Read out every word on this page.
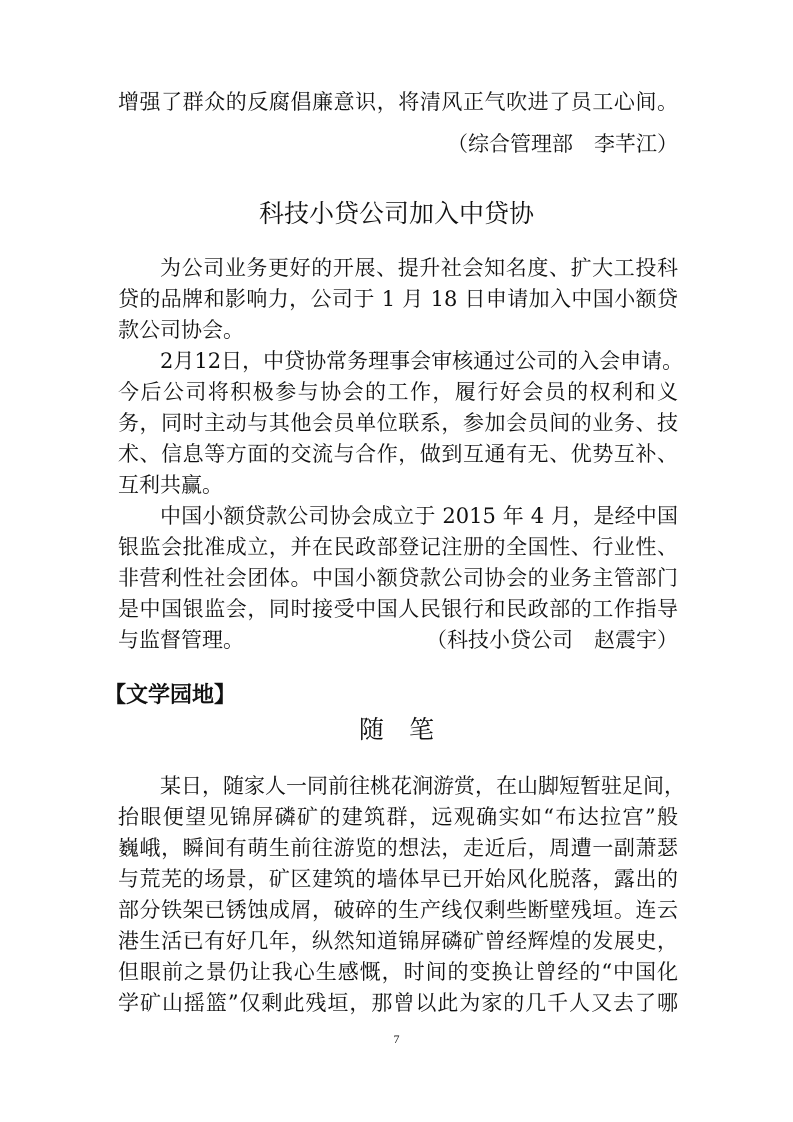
增强了群众的反腐倡廉意识，将清风正气吹进了员工心间。
（综合管理部　李芊江）
科技小贷公司加入中贷协
为公司业务更好的开展、提升社会知名度、扩大工投科
贷的品牌和影响力，公司于 1 月 18 日申请加入中国小额贷
款公司协会。
2月12日，中贷协常务理事会审核通过公司的入会申请。
今后公司将积极参与协会的工作，履行好会员的权利和义
务，同时主动与其他会员单位联系，参加会员间的业务、技
术、信息等方面的交流与合作，做到互通有无、优势互补、
互利共赢。
中国小额贷款公司协会成立于 2015 年 4 月，是经中国
银监会批准成立，并在民政部登记注册的全国性、行业性、
非营利性社会团体。中国小额贷款公司协会的业务主管部门
是中国银监会，同时接受中国人民银行和民政部的工作指导
与监督管理。	（科技小贷公司　赵震宇）
【文学园地】
随　笔
某日，随家人一同前往桃花涧游赏，在山脚短暂驻足间，
抬眼便望见锦屏磷矿的建筑群，远观确实如“布达拉宫”般
巍峨，瞬间有萌生前往游览的想法，走近后，周遭一副萧瑟
与荒芜的场景，矿区建筑的墙体早已开始风化脱落，露出的
部分铁架已锈蚀成屑，破碎的生产线仅剩些断壁残垣。连云
港生活已有好几年，纵然知道锦屏磷矿曾经辉煌的发展史，
但眼前之景仍让我心生感慨，时间的变换让曾经的“中国化
学矿山摇篮”仅剩此残垣，那曾以此为家的几千人又去了哪
7
